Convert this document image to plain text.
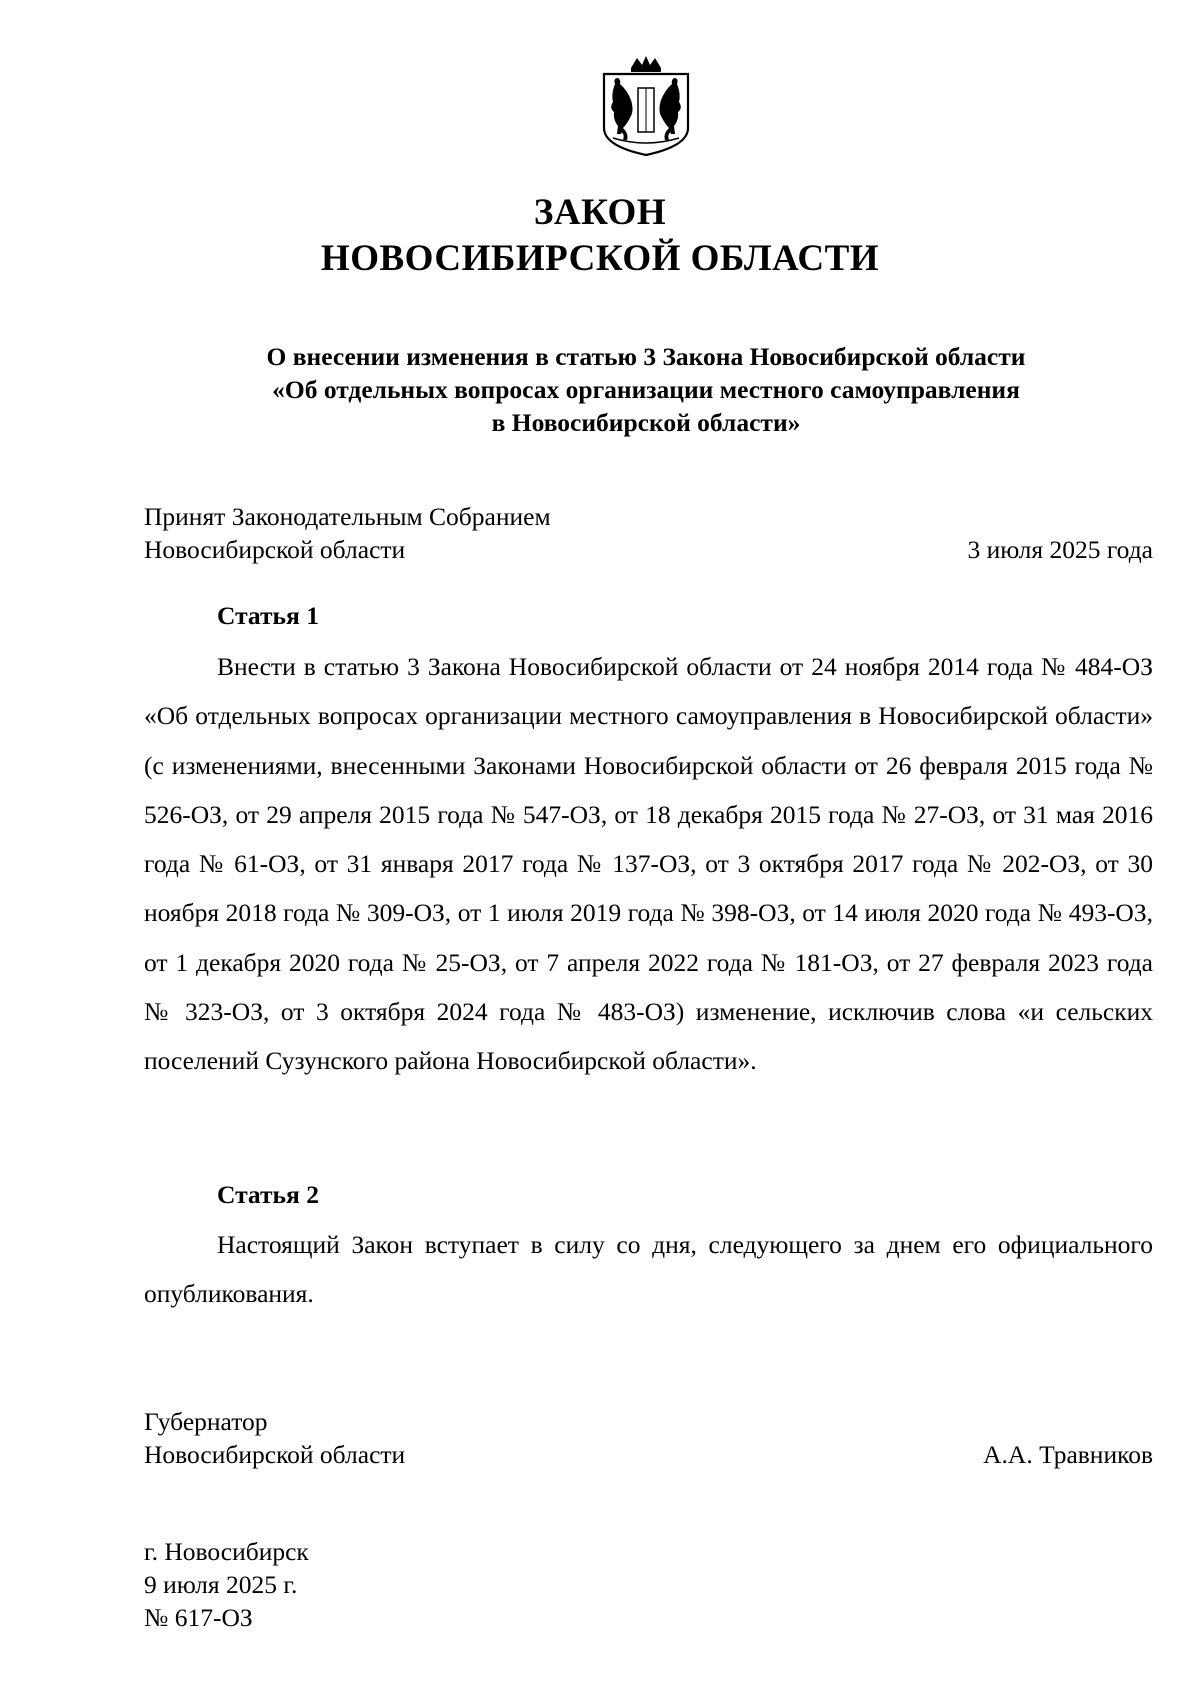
ЗАКОН
НОВОСИБИРСКОЙ ОБЛАСТИ
О внесении изменения в статью 3 Закона Новосибирской области
«Об отдельных вопросах организации местного самоуправления
в Новосибирской области»
Принят Законодательным Собранием
Новосибирской области	3 июля 2025 года
Статья 1
Внести в статью 3 Закона Новосибирской области от 24 ноября 2014 года № 484-ОЗ «Об отдельных вопросах организации местного самоуправления в Новосибирской области» (с изменениями, внесенными Законами Новосибирской области от 26 февраля 2015 года № 526-ОЗ, от 29 апреля 2015 года № 547-ОЗ, от 18 декабря 2015 года № 27-ОЗ, от 31 мая 2016 года № 61-ОЗ, от 31 января 2017 года № 137-ОЗ, от 3 октября 2017 года № 202-ОЗ, от 30 ноября 2018 года № 309-ОЗ, от 1 июля 2019 года № 398-ОЗ, от 14 июля 2020 года № 493-ОЗ, от 1 декабря 2020 года № 25-ОЗ, от 7 апреля 2022 года № 181-ОЗ, от 27 февраля 2023 года № 323-ОЗ, от 3 октября 2024 года № 483-ОЗ) изменение, исключив слова «и сельских поселений Сузунского района Новосибирской области».
Статья 2
Настоящий Закон вступает в силу со дня, следующего за днем его официального опубликования.
Губернатор
Новосибирской области	А.А. Травников
г. Новосибирск
9 июля 2025 г.
№ 617-ОЗ
